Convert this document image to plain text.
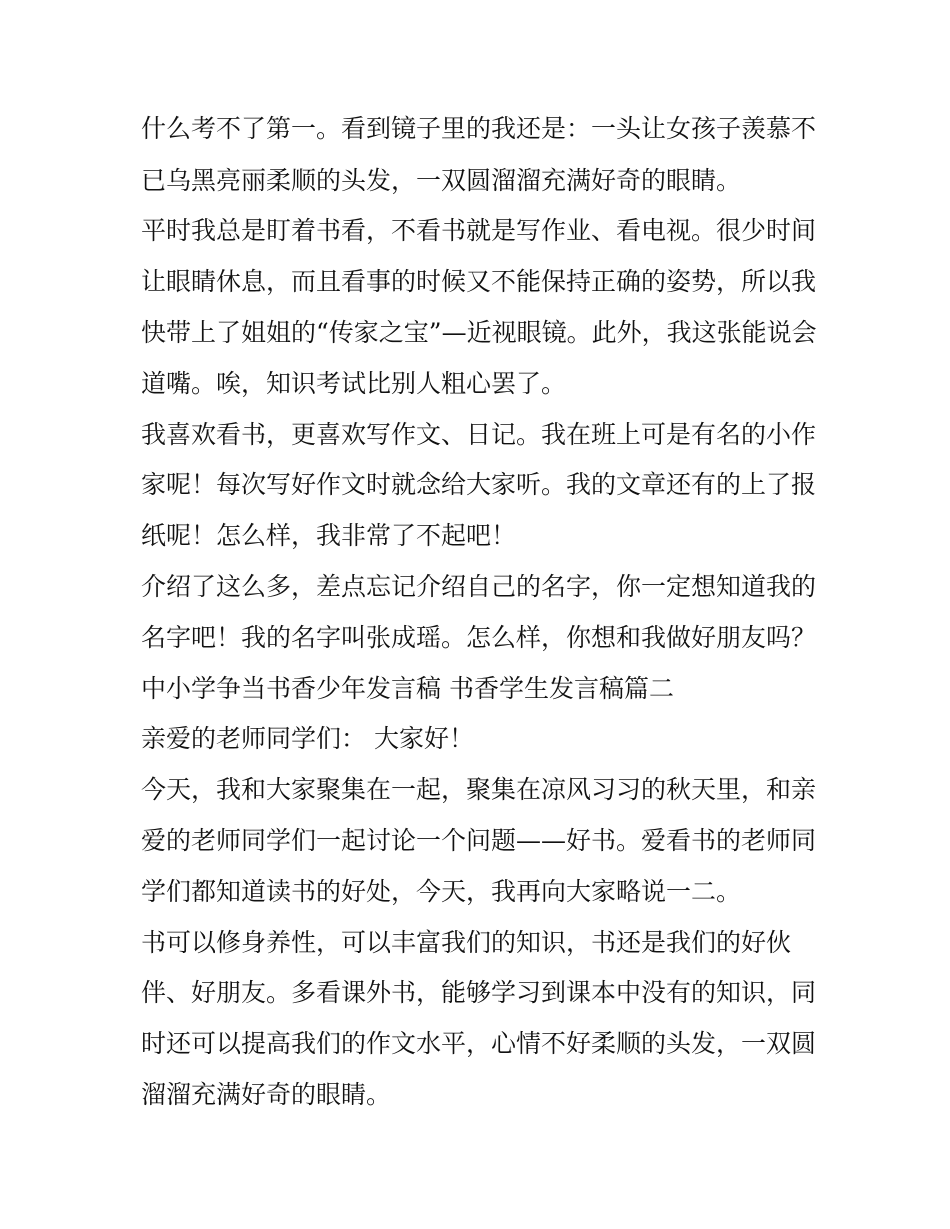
什么考不了第一。看到镜子里的我还是：一头让女孩子羡慕不
已乌黑亮丽柔顺的头发，一双圆溜溜充满好奇的眼睛。
平时我总是盯着书看，不看书就是写作业、看电视。很少时间
让眼睛休息，而且看事的时候又不能保持正确的姿势，所以我
快带上了姐姐的“传家之宝”—近视眼镜。此外，我这张能说会
道嘴。唉，知识考试比别人粗心罢了。
我喜欢看书，更喜欢写作文、日记。我在班上可是有名的小作
家呢！每次写好作文时就念给大家听。我的文章还有的上了报
纸呢！怎么样，我非常了不起吧！
介绍了这么多，差点忘记介绍自己的名字，你一定想知道我的
名字吧！我的名字叫张成瑶。怎么样，你想和我做好朋友吗？
中小学争当书香少年发言稿 书香学生发言稿篇二
亲爱的老师同学们： 大家好！
今天，我和大家聚集在一起，聚集在凉风习习的秋天里，和亲
爱的老师同学们一起讨论一个问题——好书。爱看书的老师同
学们都知道读书的好处，今天，我再向大家略说一二。
书可以修身养性，可以丰富我们的知识，书还是我们的好伙
伴、好朋友。多看课外书，能够学习到课本中没有的知识，同
时还可以提高我们的作文水平，心情不好柔顺的头发，一双圆
溜溜充满好奇的眼睛。
